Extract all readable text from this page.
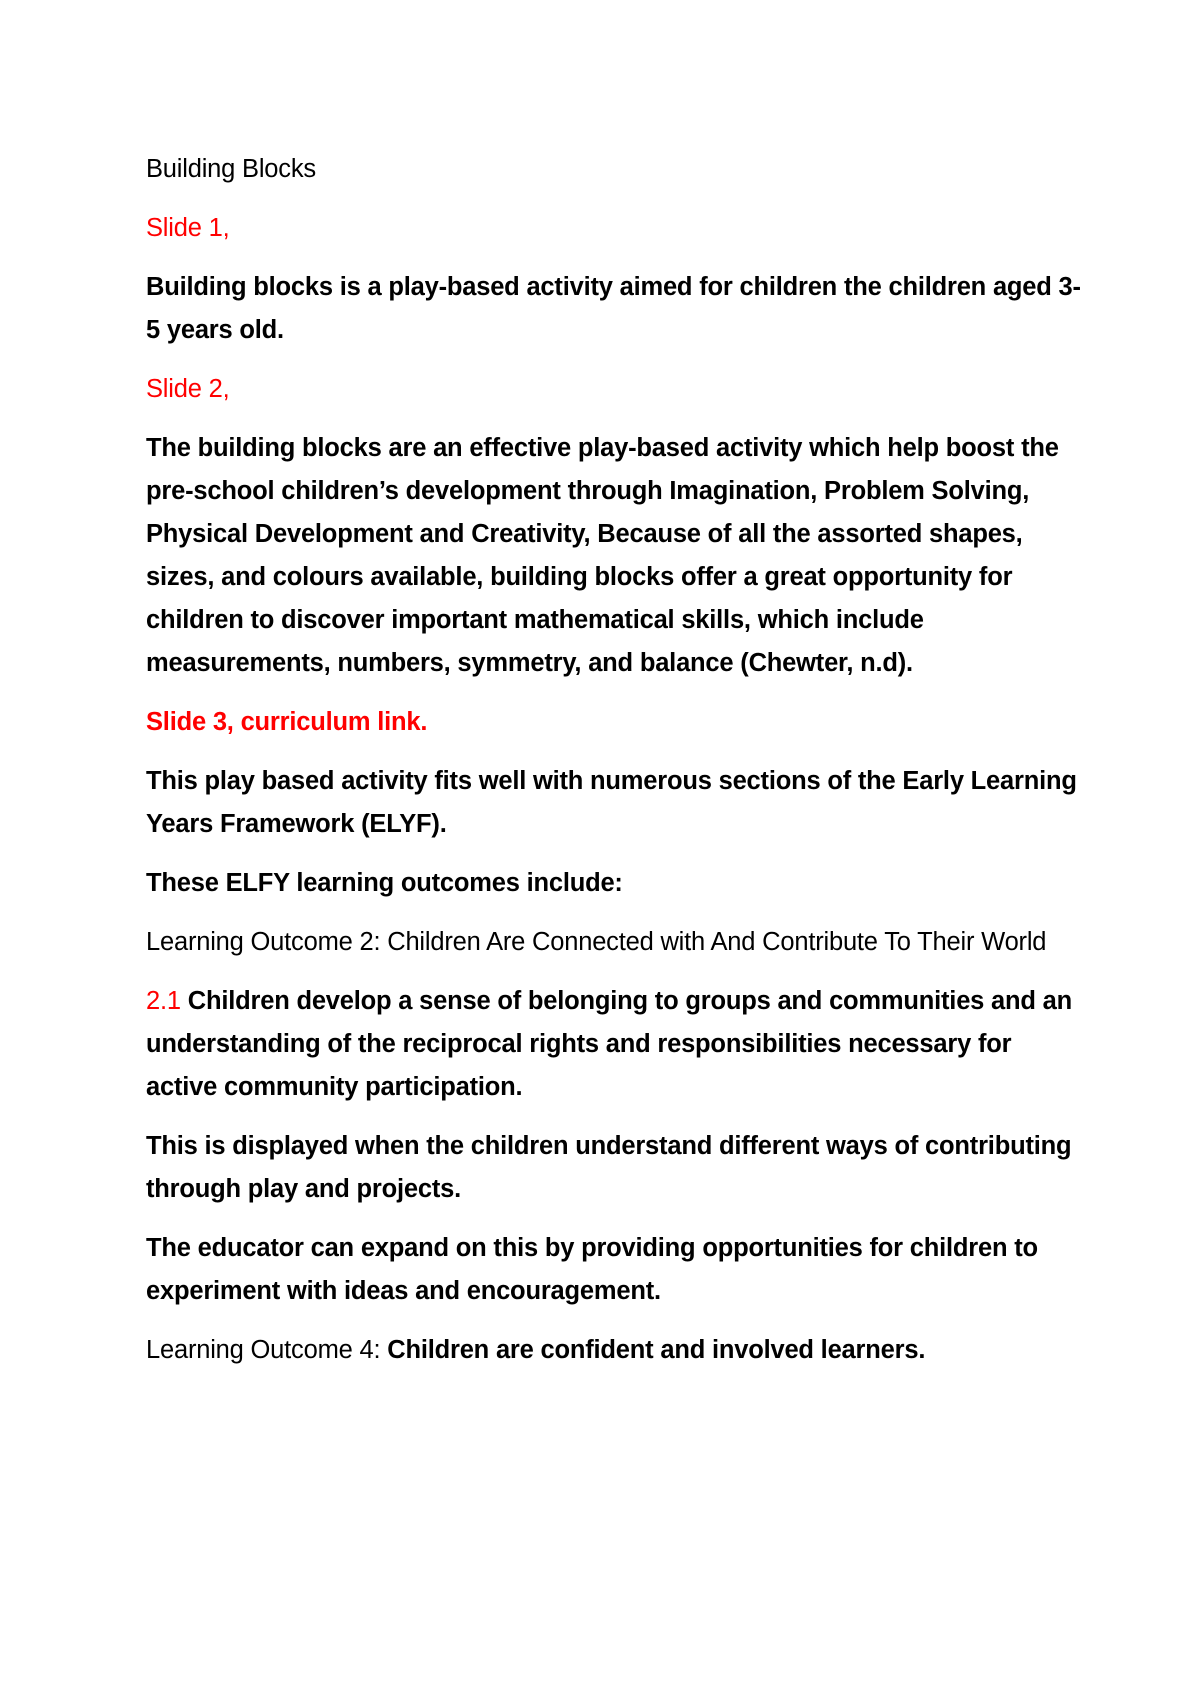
Building Blocks

Slide 1,

Building blocks is a play-based activity aimed for children the children aged 3-5 years old.

Slide 2,

The building blocks are an effective play-based activity which help boost the pre-school children’s development through Imagination, Problem Solving, Physical Development and Creativity, Because of all the assorted shapes, sizes, and colours available, building blocks offer a great opportunity for children to discover important mathematical skills, which include measurements, numbers, symmetry, and balance (Chewter, n.d).

Slide 3, curriculum link.

This play based activity fits well with numerous sections of the Early Learning Years Framework (ELYF).

These ELFY learning outcomes include:

Learning Outcome 2: Children Are Connected with And Contribute To Their World

2.1 Children develop a sense of belonging to groups and communities and an understanding of the reciprocal rights and responsibilities necessary for active community participation.

This is displayed when the children understand different ways of contributing through play and projects.

The educator can expand on this by providing opportunities for children to experiment with ideas and encouragement.

Learning Outcome 4: Children are confident and involved learners.
